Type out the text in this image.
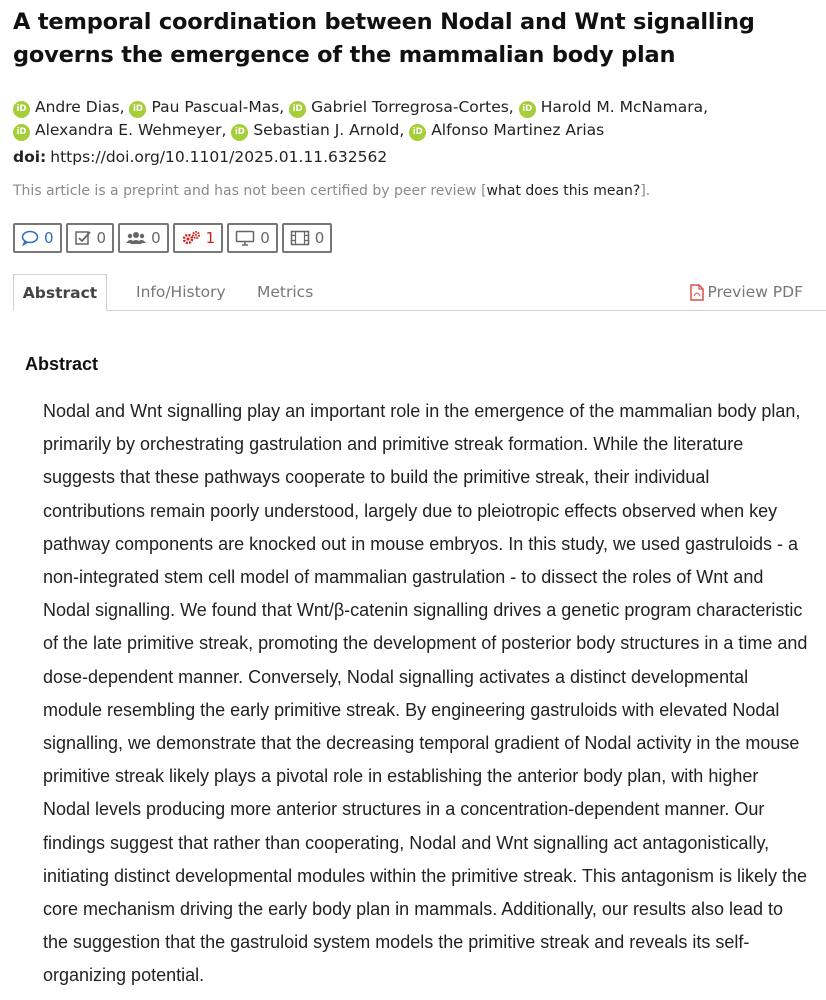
A temporal coordination between Nodal and Wnt signalling governs the emergence of the mammalian body plan
iD Andre Dias, iD Pau Pascual-Mas, iD Gabriel Torregrosa-Cortes, iD Harold M. McNamara,
iD Alexandra E. Wehmeyer, iD Sebastian J. Arnold, iD Alfonso Martinez Arias
doi: https://doi.org/10.1101/2025.01.11.632562
This article is a preprint and has not been certified by peer review [what does this mean?].
0	0	0	1	0	0
Abstract	Info/History Metrics	Preview PDF
Abstract

Nodal and Wnt signalling play an important role in the emergence of the mammalian body plan, primarily by orchestrating gastrulation and primitive streak formation. While the literature suggests that these pathways cooperate to build the primitive streak, their individual contributions remain poorly understood, largely due to pleiotropic effects observed when key pathway components are knocked out in mouse embryos. In this study, we used gastruloids - a non-integrated stem cell model of mammalian gastrulation - to dissect the roles of Wnt and Nodal signalling. We found that Wnt/β-catenin signalling drives a genetic program characteristic of the late primitive streak, promoting the development of posterior body structures in a time and dose-dependent manner. Conversely, Nodal signalling activates a distinct developmental module resembling the early primitive streak. By engineering gastruloids with elevated Nodal signalling, we demonstrate that the decreasing temporal gradient of Nodal activity in the mouse primitive streak likely plays a pivotal role in establishing the anterior body plan, with higher Nodal levels producing more anterior structures in a concentration-dependent manner. Our findings suggest that rather than cooperating, Nodal and Wnt signalling act antagonistically, initiating distinct developmental modules within the primitive streak. This antagonism is likely the core mechanism driving the early body plan in mammals. Additionally, our results also lead to the suggestion that the gastruloid system models the primitive streak and reveals its self-organizing potential.
